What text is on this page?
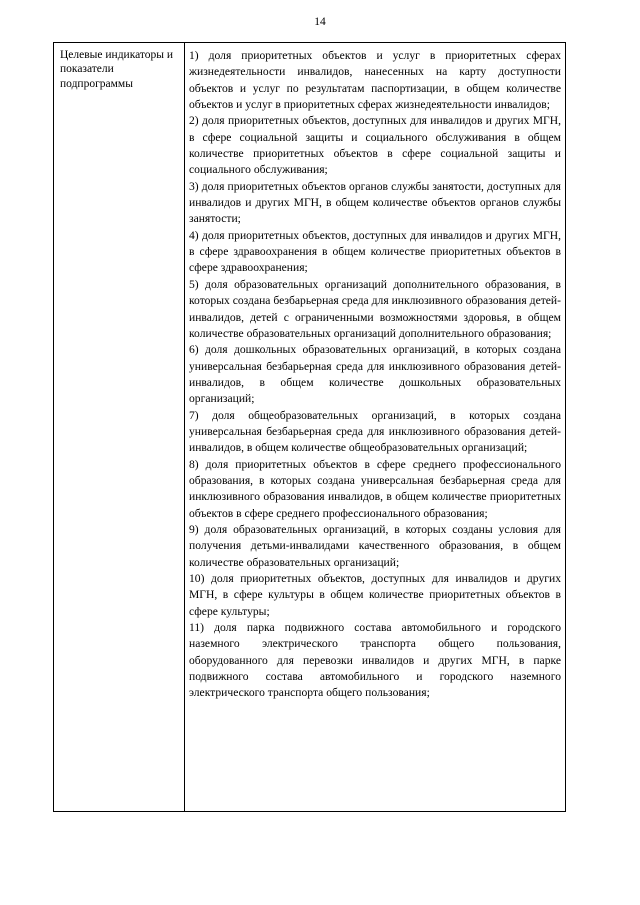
14
Целевые индикаторы и показатели подпрограммы

1) доля приоритетных объектов и услуг в приоритетных сферах жизнедеятельности инвалидов, нанесенных на карту доступности объектов и услуг по результатам паспортизации, в общем количестве объектов и услуг в приоритетных сферах жизнедеятельности инвалидов;

2) доля приоритетных объектов, доступных для инвалидов и других МГН, в сфере социальной защиты и социального обслуживания в общем количестве приоритетных объектов в сфере социальной защиты и социального обслуживания;

3) доля приоритетных объектов органов службы занятости, доступных для инвалидов и других МГН, в общем количестве объектов органов службы занятости;

4) доля приоритетных объектов, доступных для инвалидов и других МГН, в сфере здравоохранения в общем количестве приоритетных объектов в сфере здравоохранения;

5) доля образовательных организаций дополнительного образования, в которых создана безбарьерная среда для инклюзивного образования детей-инвалидов, детей с ограниченными возможностями здоровья, в общем количестве образовательных организаций дополнительного образования;

6) доля дошкольных образовательных организаций, в которых создана универсальная безбарьерная среда для инклюзивного образования детей-инвалидов, в общем количестве дошкольных образовательных организаций;

7) доля общеобразовательных организаций, в которых создана универсальная безбарьерная среда для инклюзивного образования детей-инвалидов, в общем количестве общеобразовательных организаций;

8) доля приоритетных объектов в сфере среднего профессионального образования, в которых создана универсальная безбарьерная среда для инклюзивного образования инвалидов, в общем количестве приоритетных объектов в сфере среднего профессионального образования;

9) доля образовательных организаций, в которых созданы условия для получения детьми-инвалидами качественного образования, в общем количестве образовательных организаций;

10) доля приоритетных объектов, доступных для инвалидов и других МГН, в сфере культуры в общем количестве приоритетных объектов в сфере культуры;

11) доля парка подвижного состава автомобильного и городского наземного электрического транспорта общего пользования, оборудованного для перевозки инвалидов и других МГН, в парке подвижного состава автомобильного и городского наземного электрического транспорта общего пользования;
